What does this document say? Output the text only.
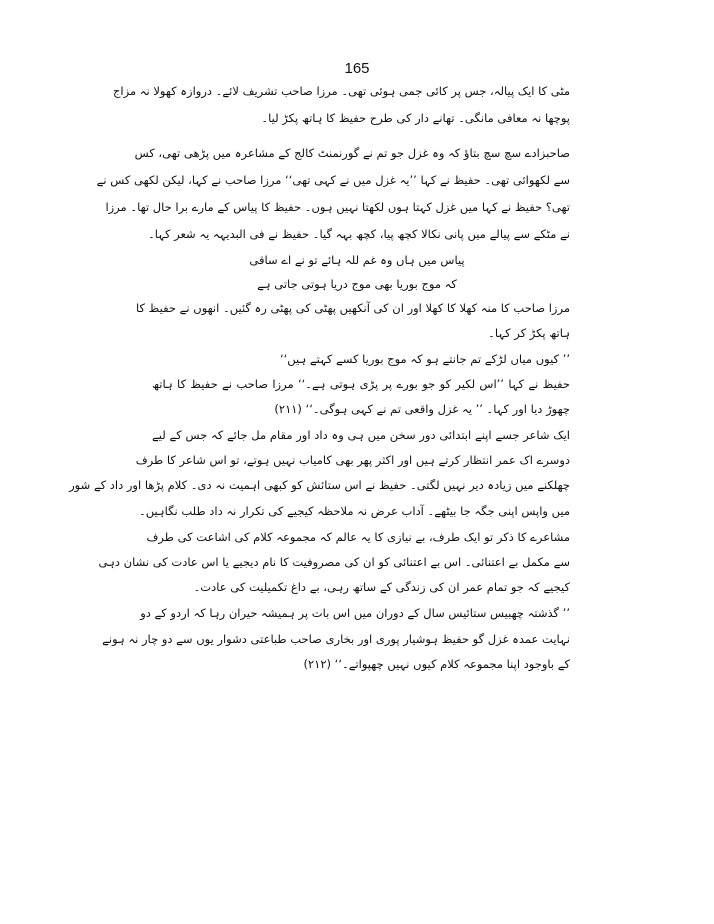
165
مٹی کا ایک پیالہ، جس پر کائی جمی ہوئی تھی۔ مرزا صاحب تشریف لائے۔ دروازہ کھولا نہ مزاج
پوچھا نہ معافی مانگی۔ تھانے دار کی طرح حفیظ کا ہاتھ پکڑ لیا۔
صاحبزادے سچ سچ بتاؤ کہ وہ غزل جو تم نے گورنمنٹ کالج کے مشاعرہ میں پڑھی تھی، کس
سے لکھوائی تھی۔ حفیظ نے کہا ’’یہ غزل میں نے کہی تھی‘‘ مرزا صاحب نے کہا، لیکن لکھی کس نے
تھی؟ حفیظ نے کہا میں غزل کہتا ہوں لکھتا نہیں ہوں۔ حفیظ کا پیاس کے مارے برا حال تھا۔ مرزا
نے مٹکے سے پیالے میں پانی نکالا کچھ پیا، کچھ بہہ گیا۔ حفیظ نے فی البدیہہ یہ شعر کہا۔
پیاس میں ہاں وہ غم للہ ہائے تو نے اے ساقی
کہ موج بوریا بھی موج دریا ہوتی جاتی ہے
مرزا صاحب کا منہ کھلا کا کھلا اور ان کی آنکھیں پھٹی کی پھٹی رہ گئیں۔ انھوں نے حفیظ کا
ہاتھ پکڑ کر کہا۔
’’ کیوں میاں لڑکے تم جانتے ہو کہ موج بوریا کسے کہتے ہیں‘‘
حفیظ نے کہا ’’اس لکیر کو جو بورے پر پڑی ہوتی ہے۔‘‘ مرزا صاحب نے حفیظ کا ہاتھ
چھوڑ دیا اور کہا۔ ’’ یہ غزل واقعی تم نے کہی ہوگی۔‘‘ (۲۱۱)
ایک شاعر جسے اپنے ابتدائی دور سخن میں ہی وہ داد اور مقام مل جائے کہ جس کے لیے
دوسرے اک عمر انتظار کرتے ہیں اور اکثر پھر بھی کامیاب نہیں ہوتے، تو اس شاعر کا طرف
چھلکنے میں زیادہ دیر نہیں لگتی۔ حفیظ نے اس ستائش کو کبھی اہمیت نہ دی۔ کلام پڑھا اور داد کے شور
میں واپس اپنی جگہ جا بیٹھے۔ آداب عرض نہ ملاحظہ کیجیے کی تکرار نہ داد طلب نگاہیں۔
مشاعرے کا ذکر تو ایک طرف، بے نیازی کا یہ عالم کہ مجموعہ کلام کی اشاعت کی طرف
سے مکمل بے اعتنائی۔ اس بے اعتنائی کو ان کی مصروفیت کا نام دیجیے یا اس عادت کی نشان دہی
کیجیے کہ جو تمام عمر ان کی زندگی کے ساتھ رہی، بے داغ تکمیلیت کی عادت۔
’’ گذشتہ چھبیس ستائیس سال کے دوران میں اس بات پر ہمیشہ حیران رہا کہ اردو کے دو
نہایت عمدہ غزل گو حفیظ ہوشیار پوری اور بخاری صاحب طباعتی دشوار یوں سے دو چار نہ ہونے
کے باوجود اپنا مجموعہ کلام کیوں نہیں چھپواتے۔‘‘ (۲۱۲)
